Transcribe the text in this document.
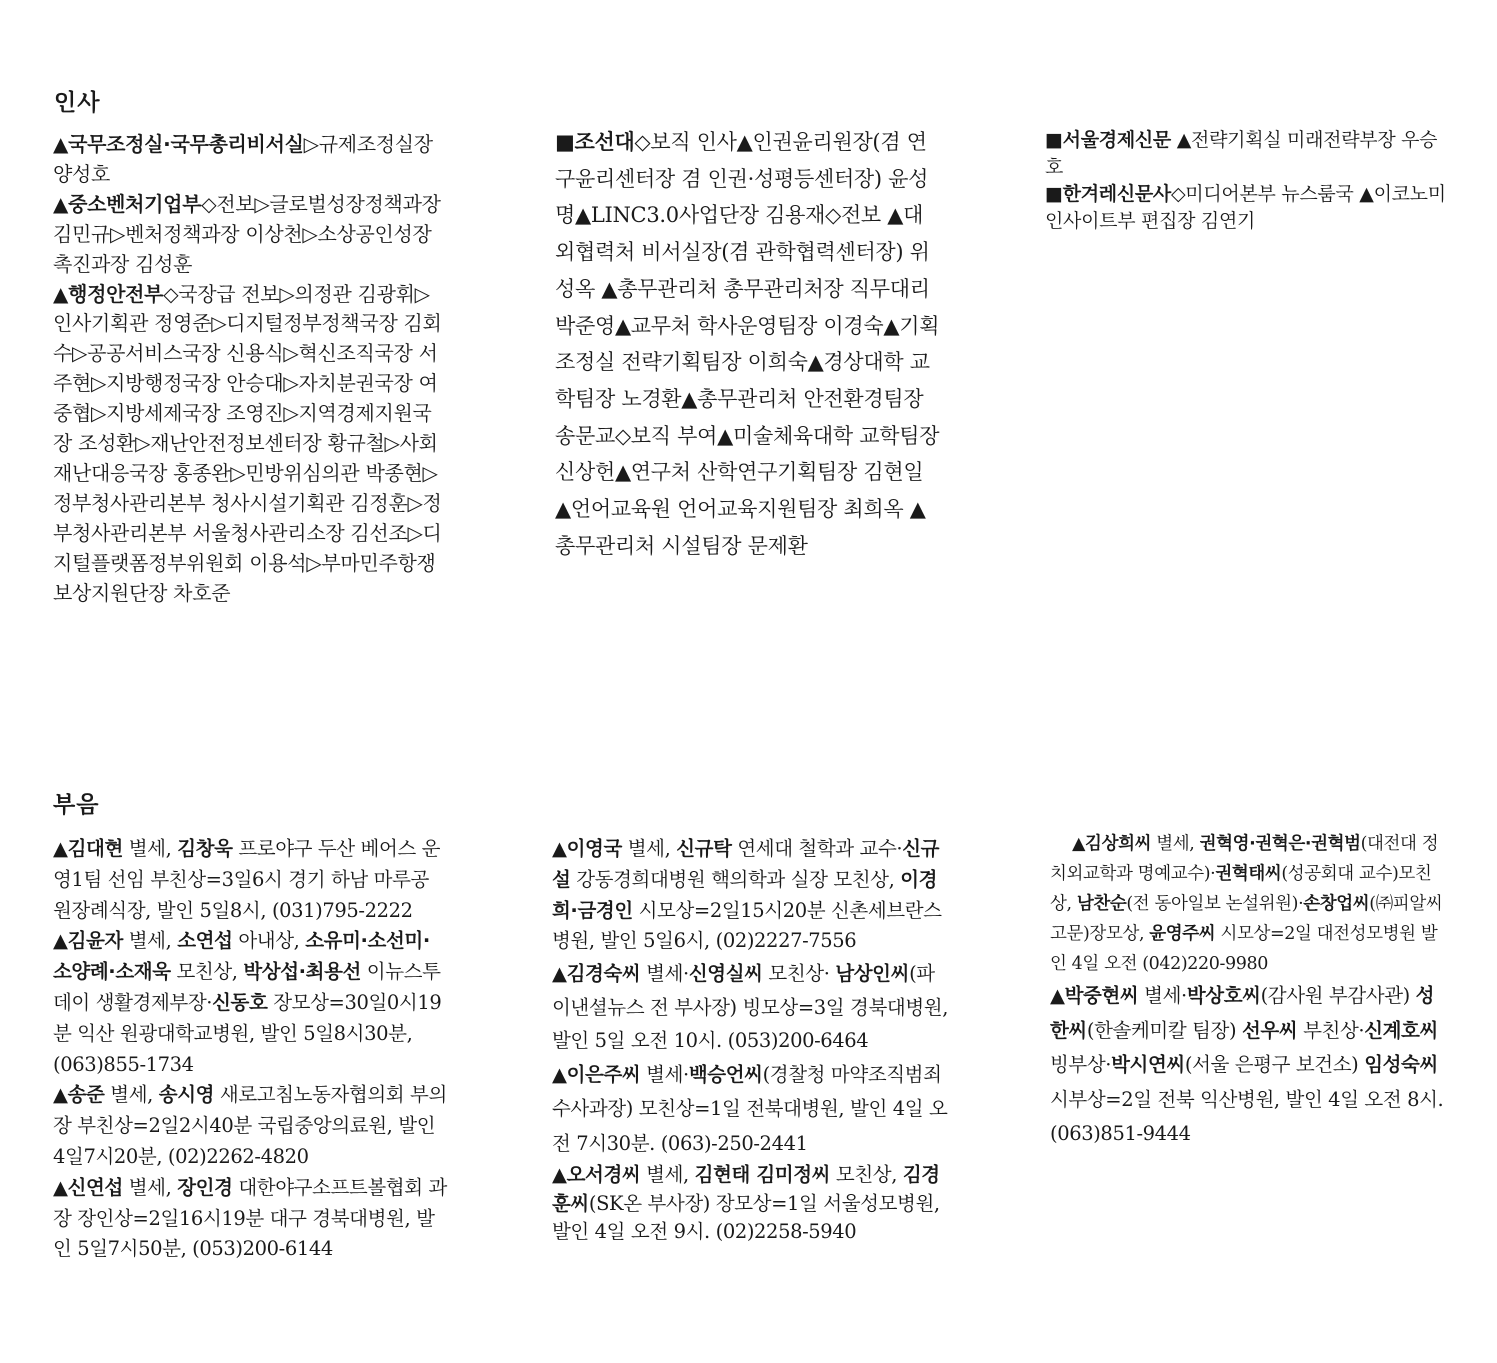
인사

▲국무조정실·국무총리비서실▷규제조정실장 양성호

▲중소벤처기업부◇전보▷글로벌성장정책과장 김민규▷벤처정책과장 이상천▷소상공인성장촉진과장 김성훈

▲행정안전부◇국장급 전보▷의정관 김광휘▷인사기획관 정영준▷디지털정부정책국장 김회수▷공공서비스국장 신용식▷혁신조직국장 서주현▷지방행정국장 안승대▷자치분권국장 여중협▷지방세제국장 조영진▷지역경제지원국장 조성환▷재난안전정보센터장 황규철▷사회재난대응국장 홍종완▷민방위심의관 박종현▷정부청사관리본부 청사시설기획관 김정훈▷정부청사관리본부 서울청사관리소장 김선조▷디지털플랫폼정부위원회 이용석▷부마민주항쟁보상지원단장 차호준

■조선대◇보직 인사▲인권윤리원장(겸 연구윤리센터장 겸 인권·성평등센터장) 윤성명▲LINC3.0사업단장 김용재◇전보 ▲대외협력처 비서실장(겸 관학협력센터장) 위성옥 ▲총무관리처 총무관리처장 직무대리 박준영▲교무처 학사운영팀장 이경숙▲기획조정실 전략기획팀장 이희숙▲경상대학 교학팀장 노경환▲총무관리처 안전환경팀장 송문교◇보직 부여▲미술체육대학 교학팀장 신상헌▲연구처 산학연구기획팀장 김현일 ▲언어교육원 언어교육지원팀장 최희옥 ▲총무관리처 시설팀장 문제환

■서울경제신문 ▲전략기획실 미래전략부장 우승호

■한겨레신문사◇미디어본부 뉴스룸국 ▲이코노미인사이트부 편집장 김연기

부음

▲김대현 별세, 김창욱 프로야구 두산 베어스 운영1팀 선임 부친상=3일6시 경기 하남 마루공원장례식장, 발인 5일8시, (031)795-2222

▲김윤자 별세, 소연섭 아내상, 소유미·소선미·소양례·소재욱 모친상, 박상섭·최용선 이뉴스투데이 생활경제부장·신동호 장모상=30일0시19분 익산 원광대학교병원, 발인 5일8시30분, (063)855-1734

▲송준 별세, 송시영 새로고침노동자협의회 부의장 부친상=2일2시40분 국립중앙의료원, 발인 4일7시20분, (02)2262-4820

▲신연섭 별세, 장인경 대한야구소프트볼협회 과장 장인상=2일16시19분 대구 경북대병원, 발인 5일7시50분, (053)200-6144

▲이영국 별세, 신규탁 연세대 철학과 교수·신규설 강동경희대병원 핵의학과 실장 모친상, 이경희·금경인 시모상=2일15시20분 신촌세브란스병원, 발인 5일6시, (02)2227-7556

▲김경숙씨 별세·신영실씨 모친상· 남상인씨(파이낸셜뉴스 전 부사장) 빙모상=3일 경북대병원, 발인 5일 오전 10시. (053)200-6464

▲이은주씨 별세·백승언씨(경찰청 마약조직범죄수사과장) 모친상=1일 전북대병원, 발인 4일 오전 7시30분. (063)-250-2441

▲오서경씨 별세, 김현태 김미정씨 모친상, 김경훈씨(SK온 부사장) 장모상=1일 서울성모병원, 발인 4일 오전 9시. (02)2258-5940

▲김상희씨 별세, 권혁영·권혁은·권혁범(대전대 정치외교학과 명예교수)·권혁태씨(성공회대 교수)모친상, 남찬순(전 동아일보 논설위원)·손창업씨(㈜피알씨 고문)장모상, 윤영주씨 시모상=2일 대전성모병원 발인 4일 오전 (042)220-9980

▲박중현씨 별세·박상호씨(감사원 부감사관) 성한씨(한솔케미칼 팀장) 선우씨 부친상·신계호씨 빙부상·박시연씨(서울 은평구 보건소) 임성숙씨 시부상=2일 전북 익산병원, 발인 4일 오전 8시. (063)851-9444
